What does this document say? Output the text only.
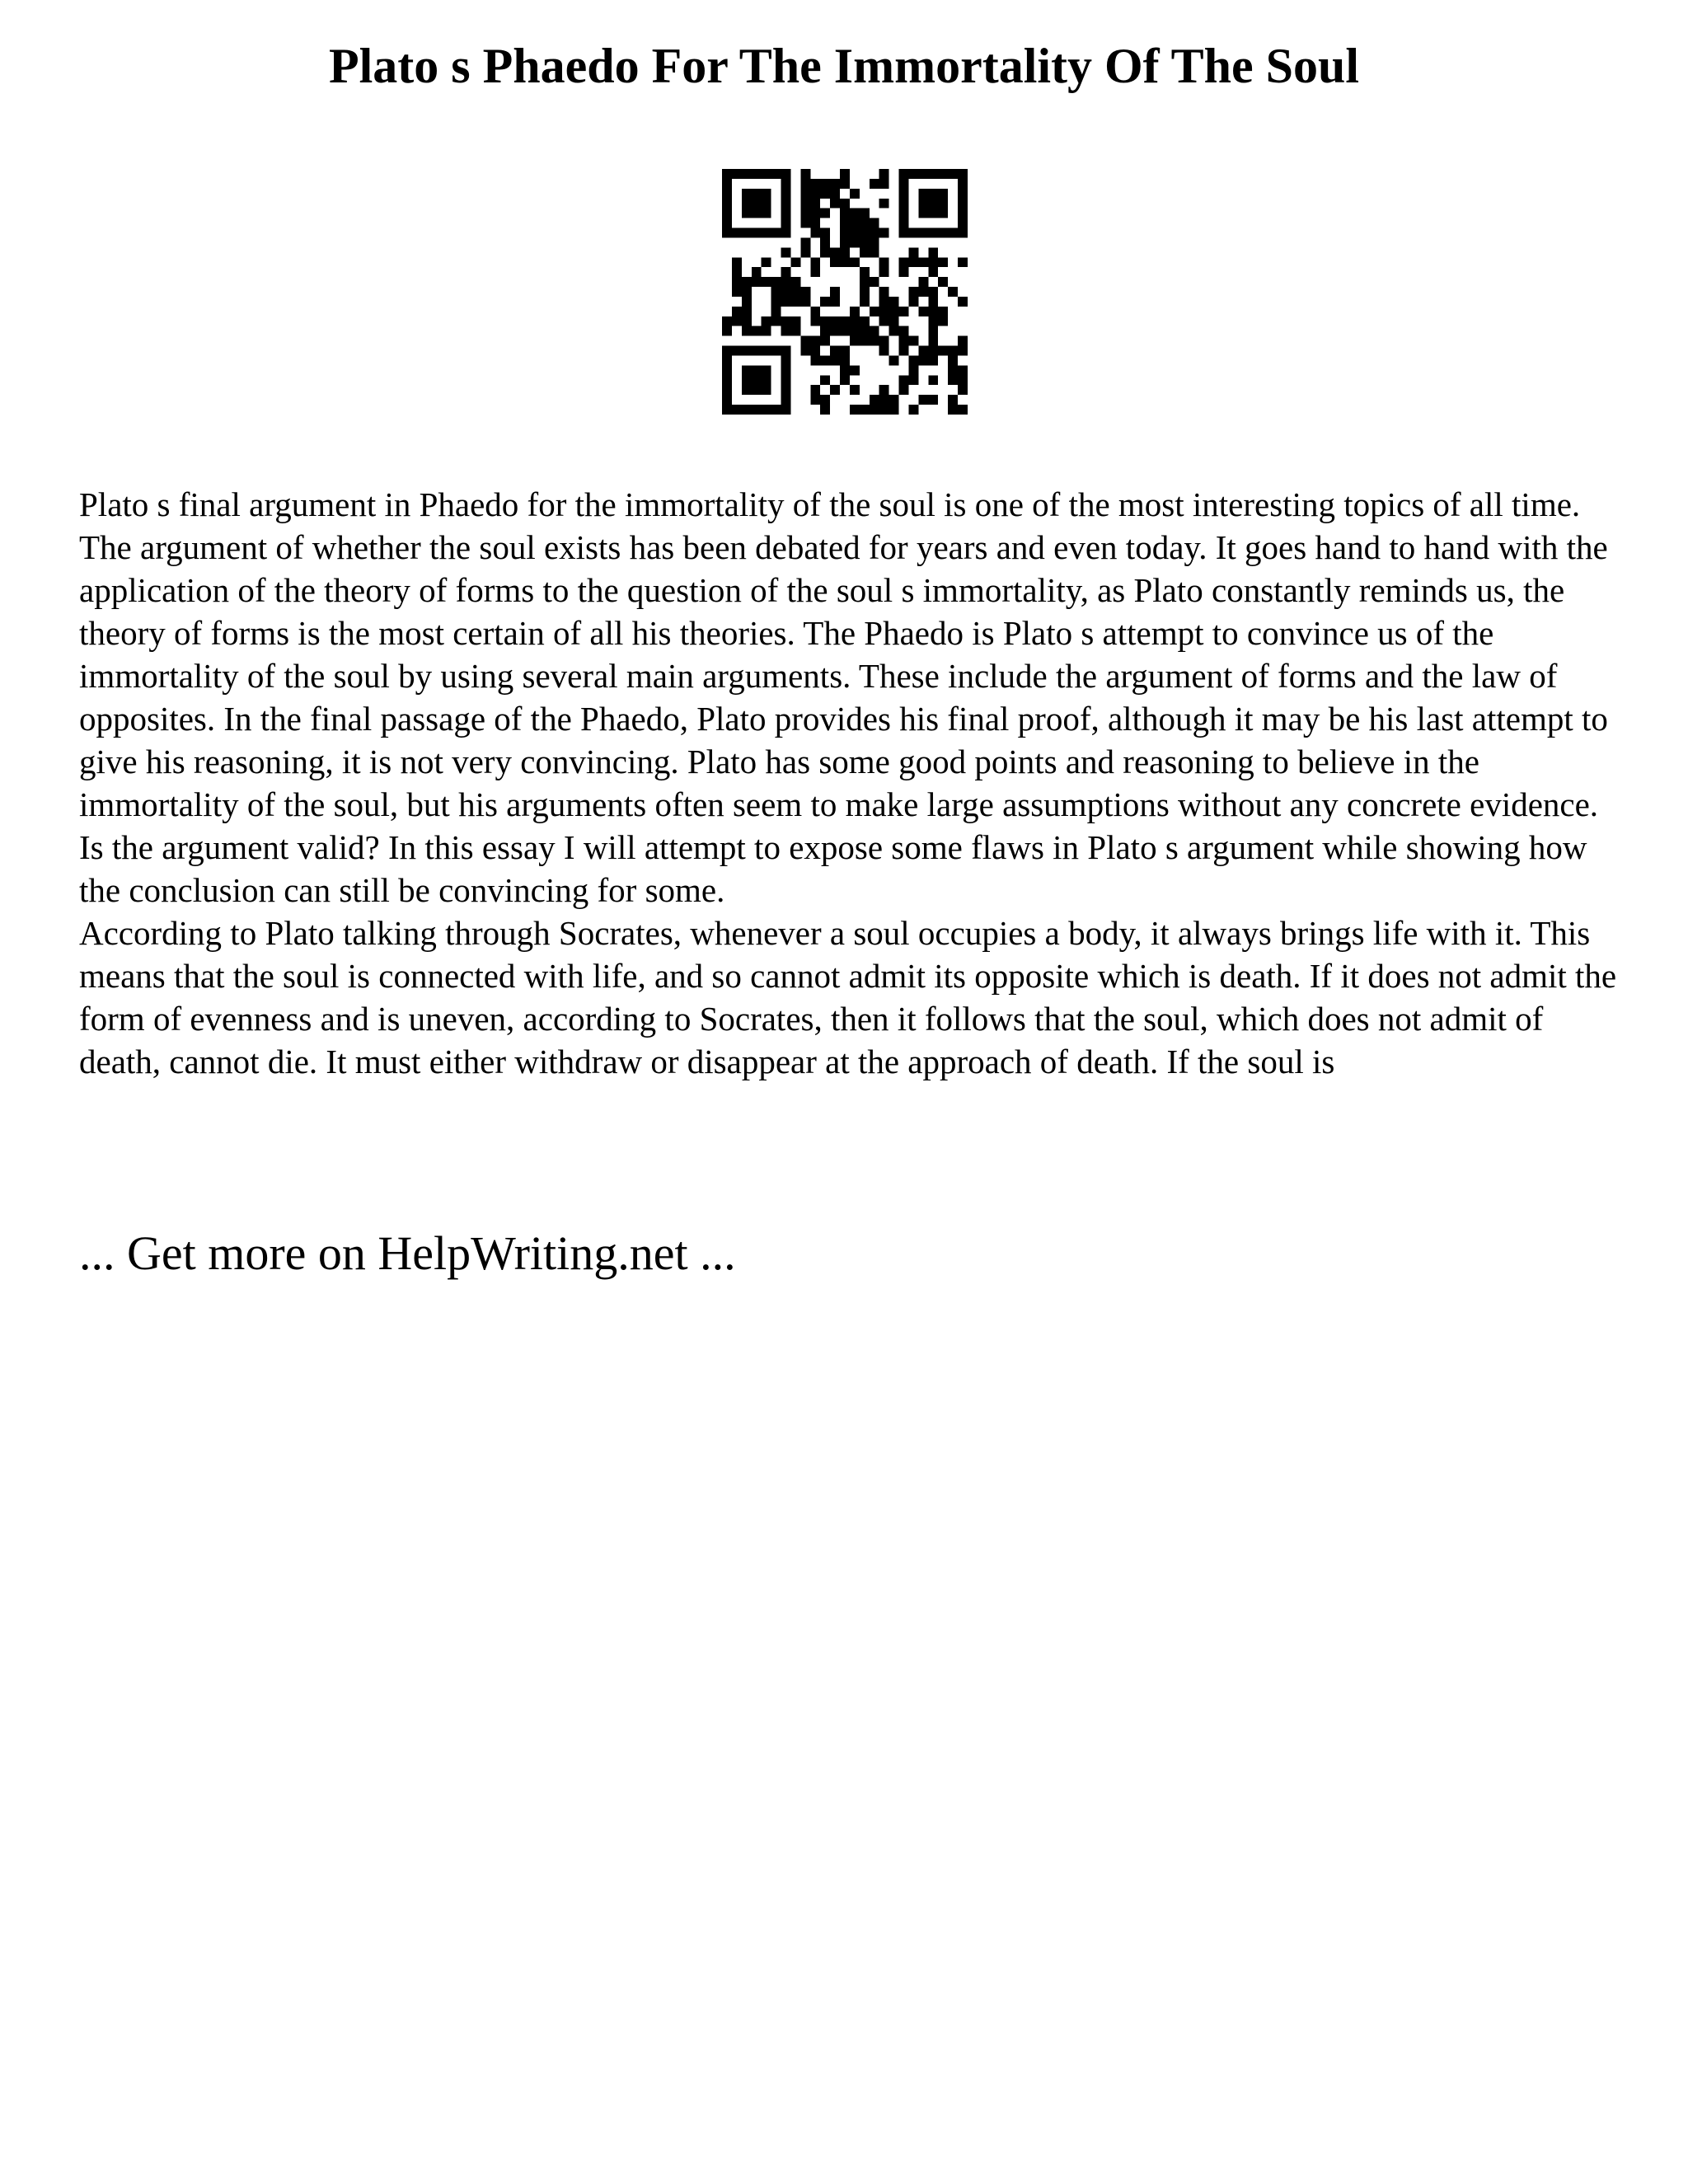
Plato s Phaedo For The Immortality Of The Soul

Plato s final argument in Phaedo for the immortality of the soul is one of the most interesting topics of all time. The argument of whether the soul exists has been debated for years and even today. It goes hand to hand with the application of the theory of forms to the question of the soul s immortality, as Plato constantly reminds us, the theory of forms is the most certain of all his theories. The Phaedo is Plato s attempt to convince us of the immortality of the soul by using several main arguments. These include the argument of forms and the law of opposites. In the final passage of the Phaedo, Plato provides his final proof, although it may be his last attempt to give his reasoning, it is not very convincing. Plato has some good points and reasoning to believe in the immortality of the soul, but his arguments often seem to make large assumptions without any concrete evidence. Is the argument valid? In this essay I will attempt to expose some flaws in Plato s argument while showing how the conclusion can still be convincing for some.

According to Plato talking through Socrates, whenever a soul occupies a body, it always brings life with it. This means that the soul is connected with life, and so cannot admit its opposite which is death. If it does not admit the form of evenness and is uneven, according to Socrates, then it follows that the soul, which does not admit of death, cannot die. It must either withdraw or disappear at the approach of death. If the soul is

... Get more on HelpWriting.net ...
